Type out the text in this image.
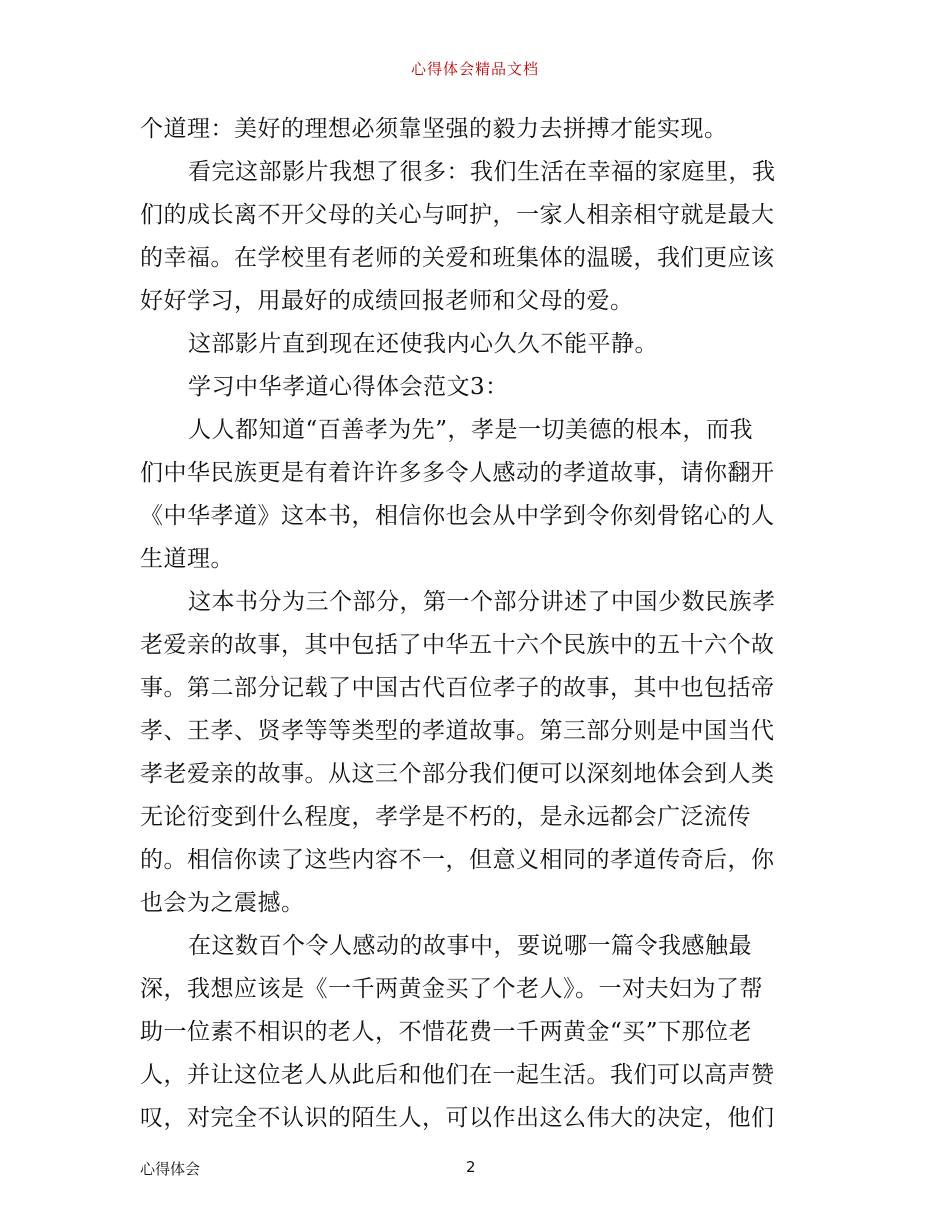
心得体会精品文档
个道理：美好的理想必须靠坚强的毅力去拼搏才能实现。
看完这部影片我想了很多：我们生活在幸福的家庭里，我
们的成长离不开父母的关心与呵护，一家人相亲相守就是最大
的幸福。在学校里有老师的关爱和班集体的温暖，我们更应该
好好学习，用最好的成绩回报老师和父母的爱。
这部影片直到现在还使我内心久久不能平静。
学习中华孝道心得体会范文3：
人人都知道“百善孝为先”，孝是一切美德的根本，而我
们中华民族更是有着许许多多令人感动的孝道故事，请你翻开
《中华孝道》这本书，相信你也会从中学到令你刻骨铭心的人
生道理。
这本书分为三个部分，第一个部分讲述了中国少数民族孝
老爱亲的故事，其中包括了中华五十六个民族中的五十六个故
事。第二部分记载了中国古代百位孝子的故事，其中也包括帝
孝、王孝、贤孝等等类型的孝道故事。第三部分则是中国当代
孝老爱亲的故事。从这三个部分我们便可以深刻地体会到人类
无论衍变到什么程度，孝学是不朽的，是永远都会广泛流传
的。相信你读了这些内容不一，但意义相同的孝道传奇后，你
也会为之震撼。
在这数百个令人感动的故事中，要说哪一篇令我感触最
深，我想应该是《一千两黄金买了个老人》。一对夫妇为了帮
助一位素不相识的老人，不惜花费一千两黄金“买”下那位老
人，并让这位老人从此后和他们在一起生活。我们可以高声赞
叹，对完全不认识的陌生人，可以作出这么伟大的决定，他们
心得体会	2
